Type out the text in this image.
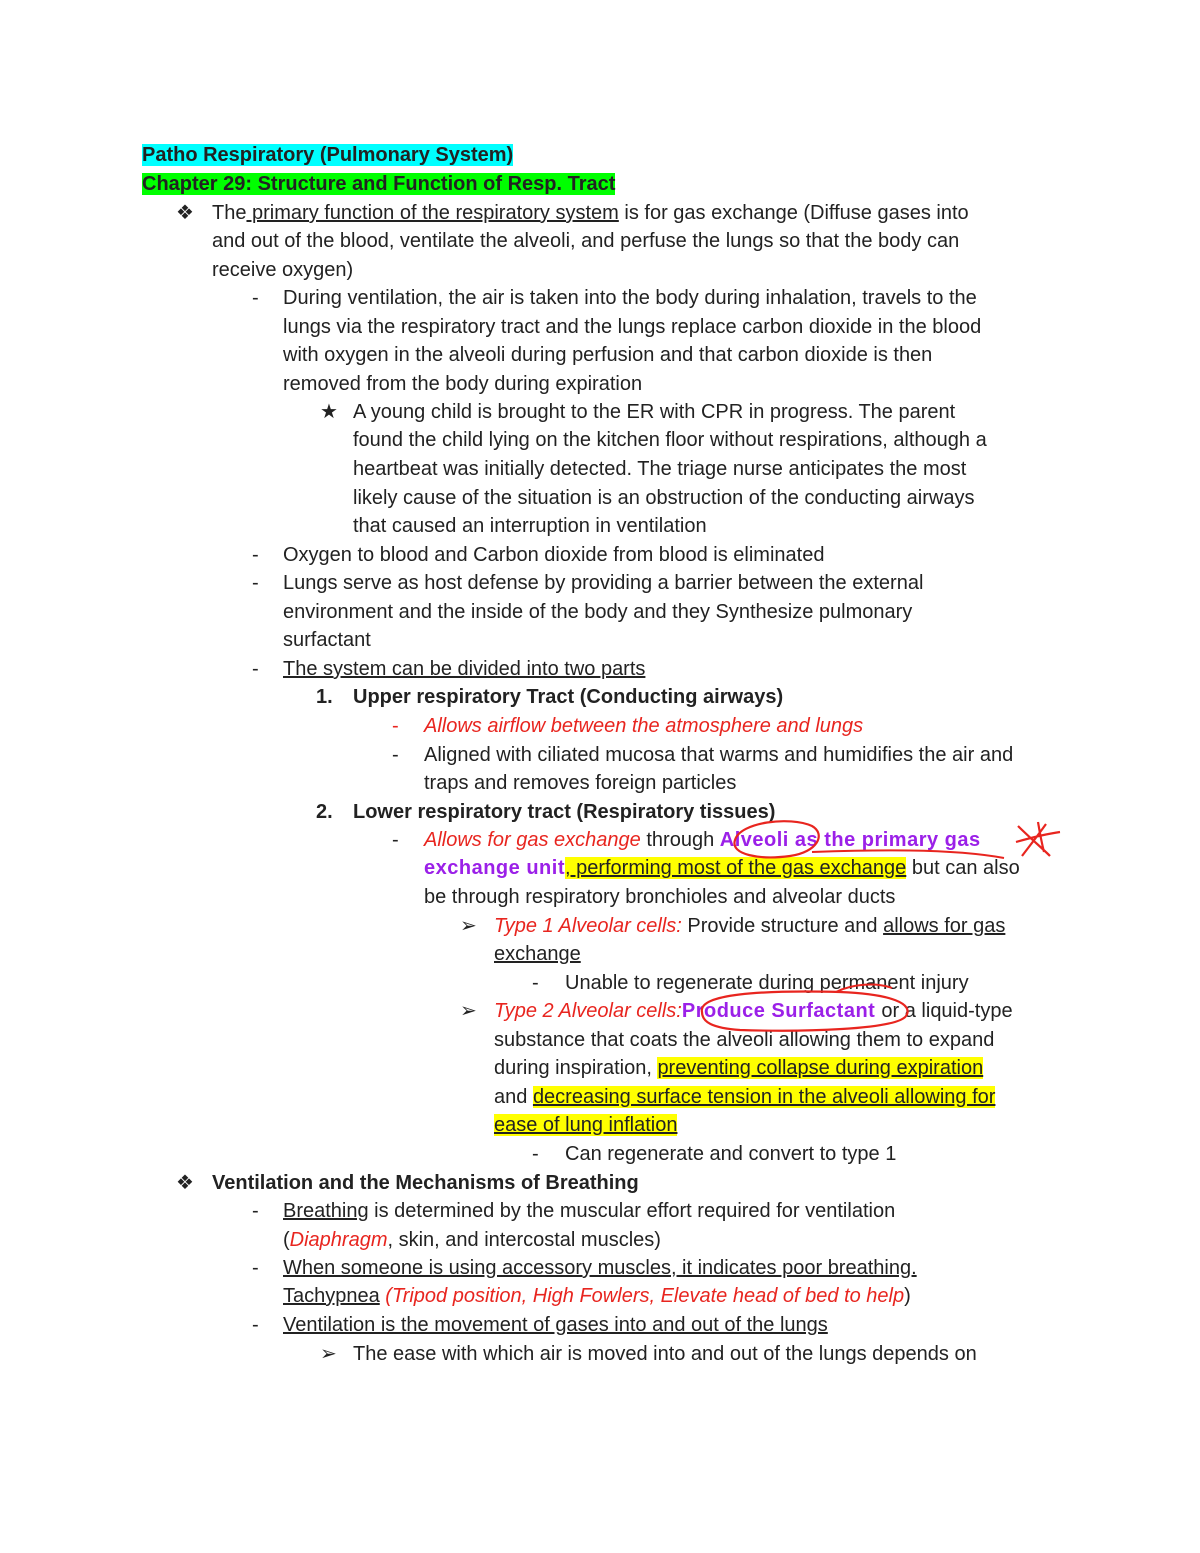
Patho Respiratory (Pulmonary System)
Chapter 29: Structure and Function of Resp. Tract
❖ The primary function of the respiratory system is for gas exchange (Diffuse gases into
and out of the blood, ventilate the alveoli, and perfuse the lungs so that the body can
receive oxygen)
- During ventilation, the air is taken into the body during inhalation, travels to the
lungs via the respiratory tract and the lungs replace carbon dioxide in the blood
with oxygen in the alveoli during perfusion and that carbon dioxide is then
removed from the body during expiration
★ A young child is brought to the ER with CPR in progress. The parent
found the child lying on the kitchen floor without respirations, although a
heartbeat was initially detected. The triage nurse anticipates the most
likely cause of the situation is an obstruction of the conducting airways
that caused an interruption in ventilation
- Oxygen to blood and Carbon dioxide from blood is eliminated
- Lungs serve as host defense by providing a barrier between the external
environment and the inside of the body and they Synthesize pulmonary
surfactant
- The system can be divided into two parts
1. Upper respiratory Tract (Conducting airways)
- Allows airflow between the atmosphere and lungs
- Aligned with ciliated mucosa that warms and humidifies the air and
traps and removes foreign particles
2. Lower respiratory tract (Respiratory tissues)
- Allows for gas exchange through Alveoli as the primary gas
exchange unit, performing most of the gas exchange but can also
be through respiratory bronchioles and alveolar ducts
➢ Type 1 Alveolar cells: Provide structure and allows for gas
exchange
- Unable to regenerate during permanent injury
➢ Type 2 Alveolar cells:Produce Surfactant or a liquid-type
substance that coats the alveoli allowing them to expand
during inspiration, preventing collapse during expiration
and decreasing surface tension in the alveoli allowing for
ease of lung inflation
- Can regenerate and convert to type 1
❖ Ventilation and the Mechanisms of Breathing
- Breathing is determined by the muscular effort required for ventilation
(Diaphragm, skin, and intercostal muscles)
- When someone is using accessory muscles, it indicates poor breathing.
Tachypnea (Tripod position, High Fowlers, Elevate head of bed to help)
- Ventilation is the movement of gases into and out of the lungs
➢ The ease with which air is moved into and out of the lungs depends on
